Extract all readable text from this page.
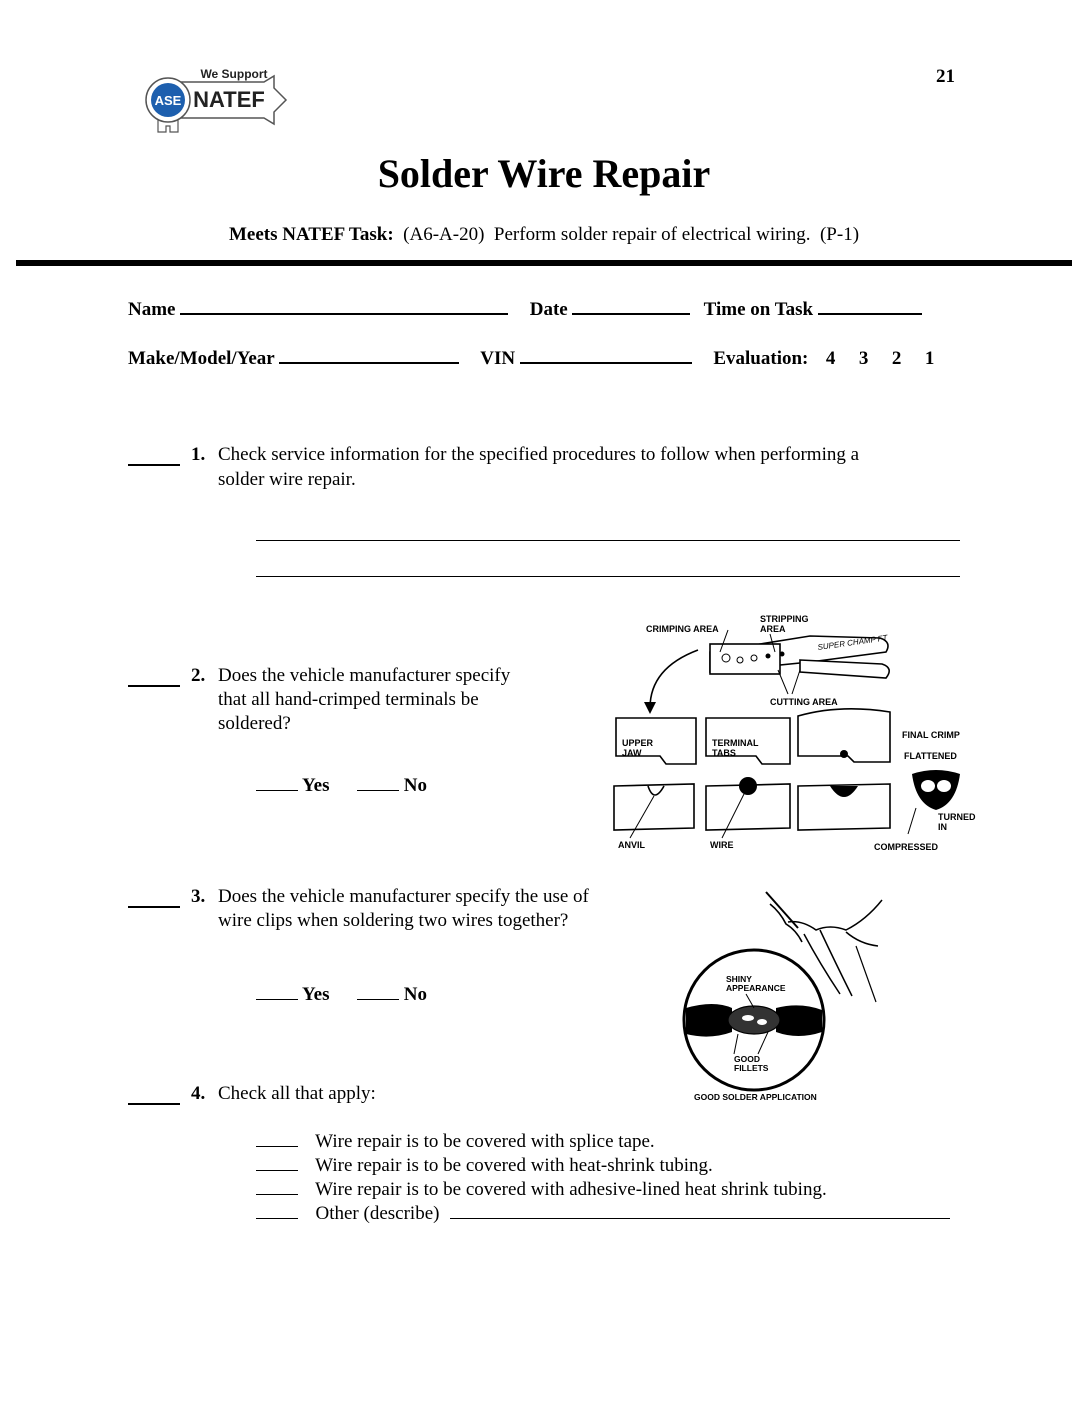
21
ASE
We Support
NATEF
Solder Wire Repair
Meets NATEF Task: (A6-A-20) Perform solder repair of electrical wiring. (P-1)
Name	Date	Time on Task
Make/Model/Year	VIN	Evaluation: 4 3 2 1
1. Check service information for the specified procedures to follow when performing a
solder wire repair.
2. Does the vehicle manufacturer specify
that all hand-crimped terminals be
soldered?
Yes	No
SUPER CHAMP FT
CRIMPING AREA
STRIPPING
AREA
CUTTING AREA
UPPER
JAW
TERMINAL
TABS
FINAL CRIMP
FLATTENED
TURNED
IN
ANVIL	WIRE	COMPRESSED
3. Does the vehicle manufacturer specify the use of
wire clips when soldering two wires together?
Yes	No
SHINY
APPEARANCE
GOOD
FILLETS
GOOD SOLDER APPLICATION
4. Check all that apply:
Wire repair is to be covered with splice tape.
Wire repair is to be covered with heat-shrink tubing.
Wire repair is to be covered with adhesive-lined heat shrink tubing.
Other (describe)
